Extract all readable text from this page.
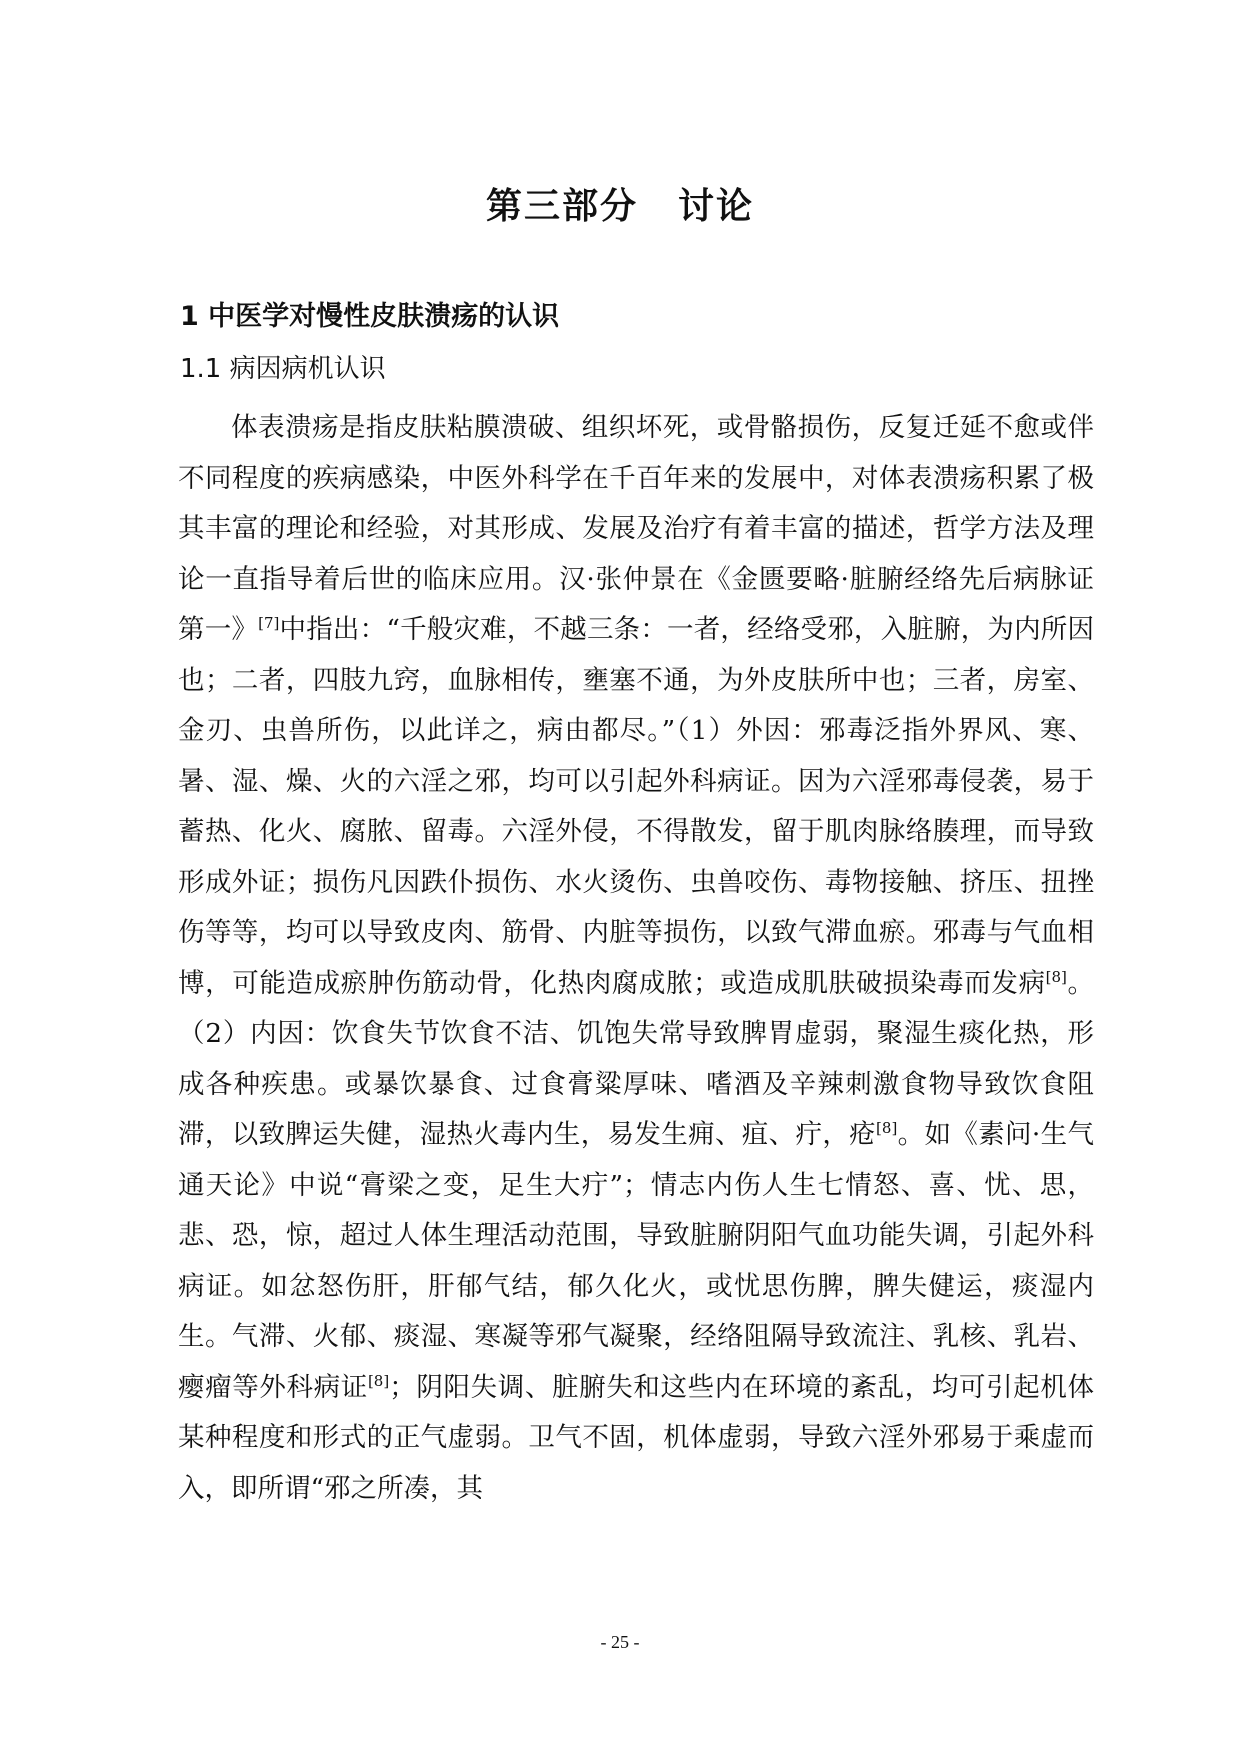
第三部分 讨论
1 中医学对慢性皮肤溃疡的认识
1.1 病因病机认识

体表溃疡是指皮肤粘膜溃破、组织坏死，或骨骼损伤，反复迁延不愈或伴不同程度的疾病感染，中医外科学在千百年来的发展中，对体表溃疡积累了极其丰富的理论和经验，对其形成、发展及治疗有着丰富的描述，哲学方法及理论一直指导着后世的临床应用。汉·张仲景在《金匮要略·脏腑经络先后病脉证第一》[7]中指出：“千般灾难，不越三条：一者，经络受邪，入脏腑，为内所因也；二者，四肢九窍，血脉相传，壅塞不通，为外皮肤所中也；三者，房室、金刃、虫兽所伤，以此详之，病由都尽。”（1）外因：邪毒泛指外界风、寒、暑、湿、燥、火的六淫之邪，均可以引起外科病证。因为六淫邪毒侵袭，易于蓄热、化火、腐脓、留毒。六淫外侵，不得散发，留于肌肉脉络腠理，而导致形成外证；损伤凡因跌仆损伤、水火烫伤、虫兽咬伤、毒物接触、挤压、扭挫伤等等，均可以导致皮肉、筋骨、内脏等损伤，以致气滞血瘀。邪毒与气血相博，可能造成瘀肿伤筋动骨，化热肉腐成脓；或造成肌肤破损染毒而发病[8]。（2）内因：饮食失节饮食不洁、饥饱失常导致脾胃虚弱，聚湿生痰化热，形成各种疾患。或暴饮暴食、过食膏粱厚味、嗜酒及辛辣刺激食物导致饮食阻滞，以致脾运失健，湿热火毒内生，易发生痈、疽、疔，疮[8]。如《素问·生气通天论》中说“膏梁之变，足生大疔”；情志内伤人生七情怒、喜、忧、思，悲、恐，惊，超过人体生理活动范围，导致脏腑阴阳气血功能失调，引起外科病证。如忿怒伤肝，肝郁气结，郁久化火，或忧思伤脾，脾失健运，痰湿内生。气滞、火郁、痰湿、寒凝等邪气凝聚，经络阻隔导致流注、乳核、乳岩、瘿瘤等外科病证[8]；阴阳失调、脏腑失和这些内在环境的紊乱，均可引起机体某种程度和形式的正气虚弱。卫气不固，机体虚弱，导致六淫外邪易于乘虚而入，即所谓“邪之所凑，其

- 25 -
